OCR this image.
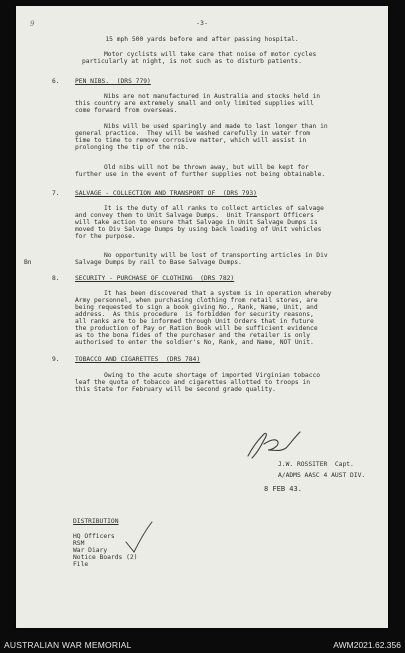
9	-3-
15 mph 500 yards before and after passing hospital.
Motor cyclists will take care that noise of motor cycles
particularly at night, is not such as to disturb patients.
6. PEN NIBS.  (DRS 779)
Nibs are not manufactured in Australia and stocks held in
this country are extremely small and only limited supplies will
come forward from overseas.
Nibs will be used sparingly and made to last longer than in
general practice.  They will be washed carefully in water from
time to time to remove corrosive matter, which will assist in
prolonging the tip of the nib.
Old nibs will not be thrown away, but will be kept for
further use in the event of further supplies not being obtainable.
7. SALVAGE - COLLECTION AND TRANSPORT OF  (DRS 793)
It is the duty of all ranks to collect articles of salvage
and convey them to Unit Salvage Dumps.  Unit Transport Officers
will take action to ensure that Salvage in Unit Salvage Dumps is
moved to Div Salvage Dumps by using back loading of Unit vehicles
for the purpose.
No opportunity will be lost of transporting articles in Div
Bn	Salvage Dumps by rail to Base Salvage Dumps.
8. SECURITY - PURCHASE OF CLOTHING  (DRS 782)
It has been discovered that a system is in operation whereby
Army personnel, when purchasing clothing from retail stores, are
being requested to sign a book giving No., Rank, Name, Unit, and
address.  As this procedure  is forbidden for security reasons,
all ranks are to be informed through Unit Orders that in future
the production of Pay or Ration Book will be sufficient evidence
as to the bona fides of the purchaser and the retailer is only
authorised to enter the soldier's No, Rank, and Name, NOT Unit.
9. TOBACCO AND CIGARETTES  (DRS 784)
Owing to the acute shortage of imported Virginian tobacco
leaf the quota of tobacco and cigarettes allotted to troops in
this State for February will be second grade quality.
J.W. ROSSITER  Capt.
A/ADMS AASC 4 AUST DIV.
8 FEB 43.
DISTRIBUTION
HQ Officers
RSM
War Diary
Notice Boards (2)
File
AUSTRALIAN WAR MEMORIAL	AWM2021.62.356
